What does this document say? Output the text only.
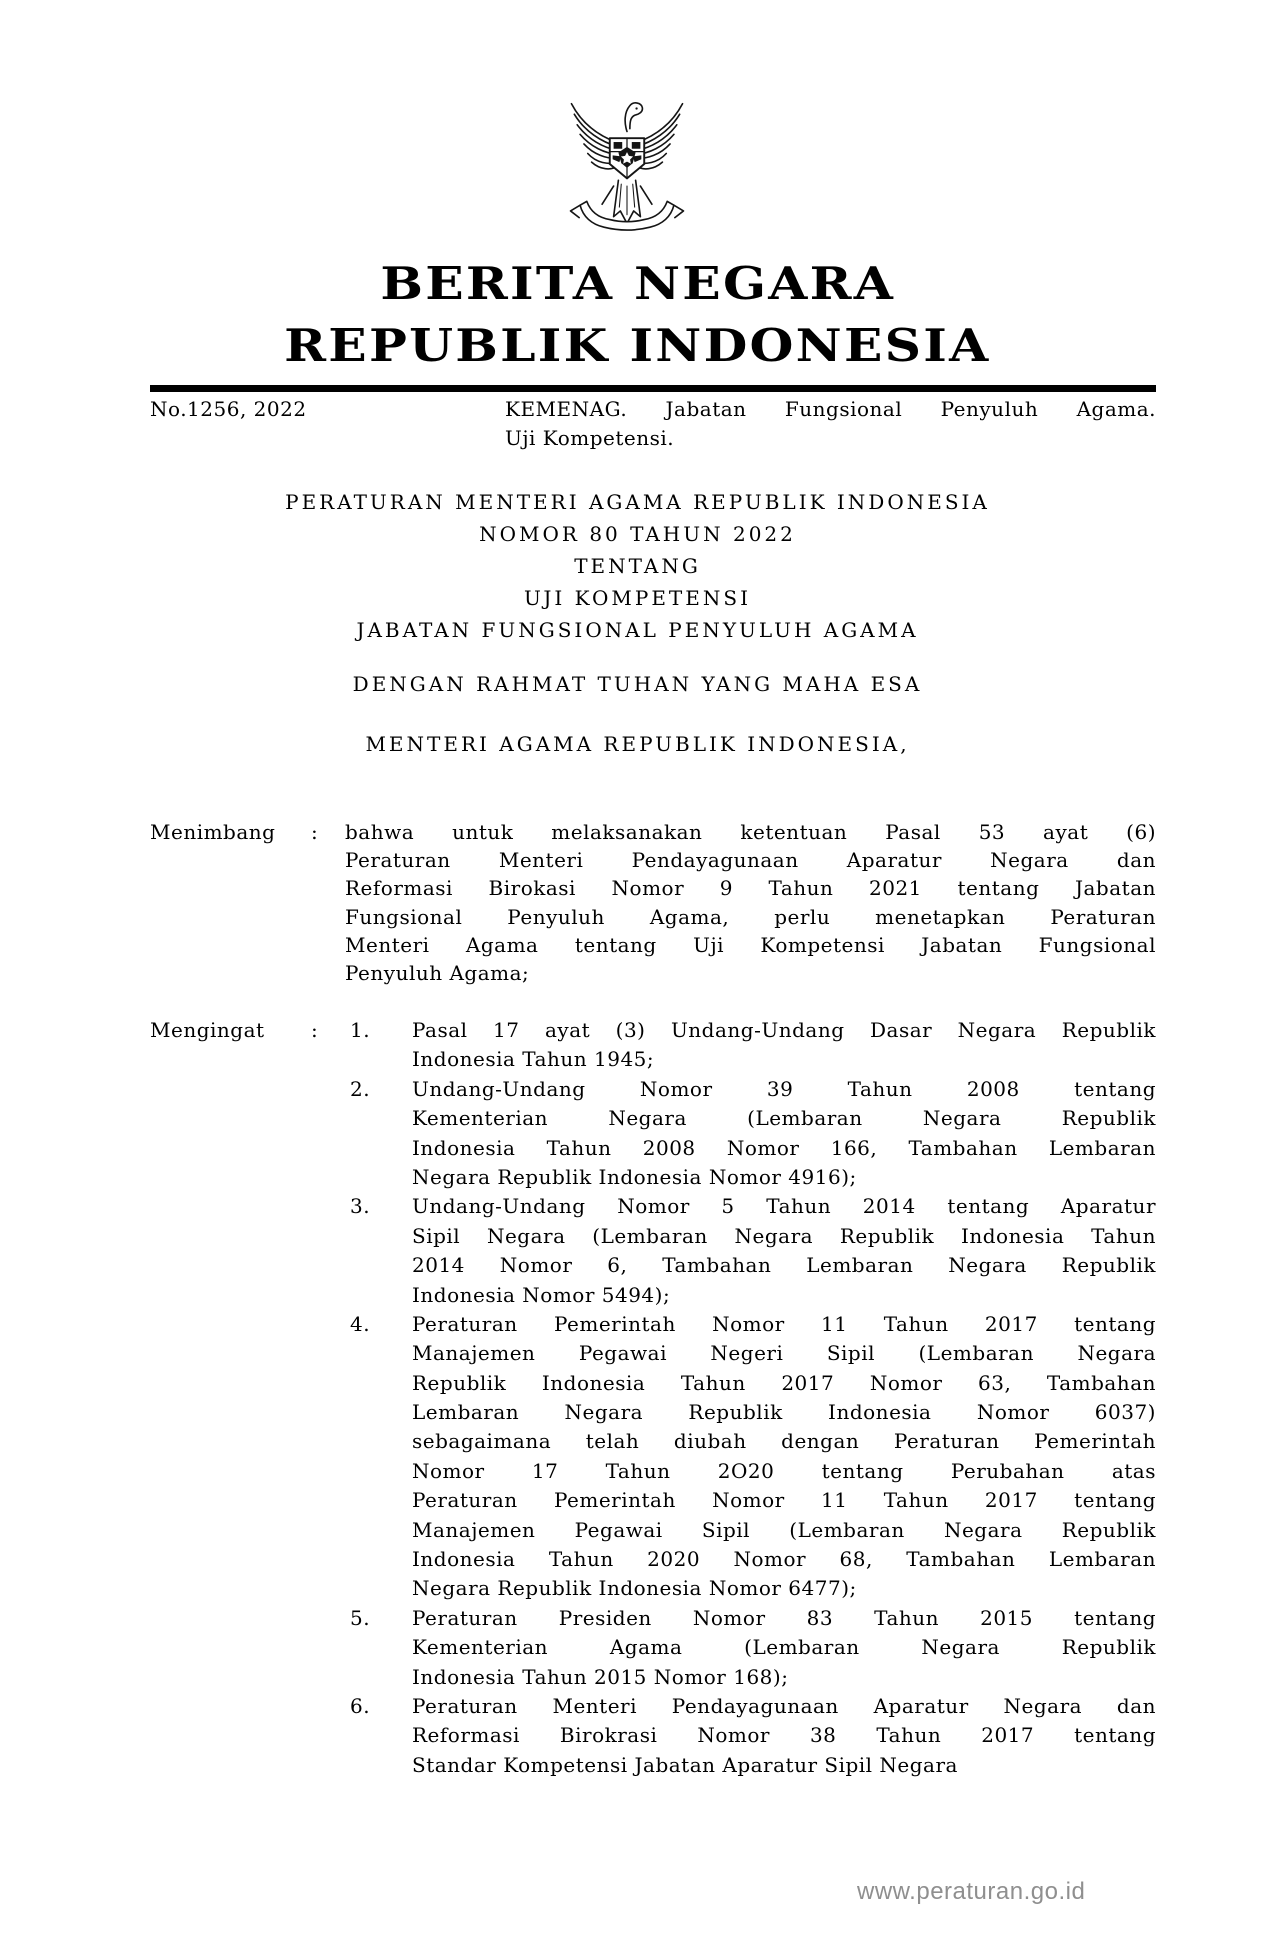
BERITA NEGARA
REPUBLIK INDONESIA
No.1256, 2022	KEMENAG. Jabatan Fungsional Penyuluh Agama.
Uji Kompetensi.
PERATURAN MENTERI AGAMA REPUBLIK INDONESIA
NOMOR 80 TAHUN 2022
TENTANG
UJI KOMPETENSI
JABATAN FUNGSIONAL PENYULUH AGAMA
DENGAN RAHMAT TUHAN YANG MAHA ESA
MENTERI AGAMA REPUBLIK INDONESIA,
Menimbang : bahwa untuk melaksanakan ketentuan Pasal 53 ayat (6)
Peraturan Menteri Pendayagunaan Aparatur Negara dan
Reformasi Birokasi Nomor 9 Tahun 2021 tentang Jabatan
Fungsional Penyuluh Agama, perlu menetapkan Peraturan
Menteri Agama tentang Uji Kompetensi Jabatan Fungsional
Penyuluh Agama;
Mengingat : 1. Pasal 17 ayat (3) Undang-Undang Dasar Negara Republik
Indonesia Tahun 1945;
2. Undang-Undang Nomor 39 Tahun 2008 tentang
Kementerian Negara (Lembaran Negara Republik
Indonesia Tahun 2008 Nomor 166, Tambahan Lembaran
Negara Republik Indonesia Nomor 4916);
3. Undang-Undang Nomor 5 Tahun 2014 tentang Aparatur
Sipil Negara (Lembaran Negara Republik Indonesia Tahun
2014 Nomor 6, Tambahan Lembaran Negara Republik
Indonesia Nomor 5494);
4. Peraturan Pemerintah Nomor 11 Tahun 2017 tentang
Manajemen Pegawai Negeri Sipil (Lembaran Negara
Republik Indonesia Tahun 2017 Nomor 63, Tambahan
Lembaran Negara Republik Indonesia Nomor 6037)
sebagaimana telah diubah dengan Peraturan Pemerintah
Nomor 17 Tahun 2O20 tentang Perubahan atas
Peraturan Pemerintah Nomor 11 Tahun 2017 tentang
Manajemen Pegawai Sipil (Lembaran Negara Republik
Indonesia Tahun 2020 Nomor 68, Tambahan Lembaran
Negara Republik Indonesia Nomor 6477);
5. Peraturan Presiden Nomor 83 Tahun 2015 tentang
Kementerian Agama (Lembaran Negara Republik
Indonesia Tahun 2015 Nomor 168);
6. Peraturan Menteri Pendayagunaan Aparatur Negara dan
Reformasi Birokrasi Nomor 38 Tahun 2017 tentang
Standar Kompetensi Jabatan Aparatur Sipil Negara
www.peraturan.go.id
